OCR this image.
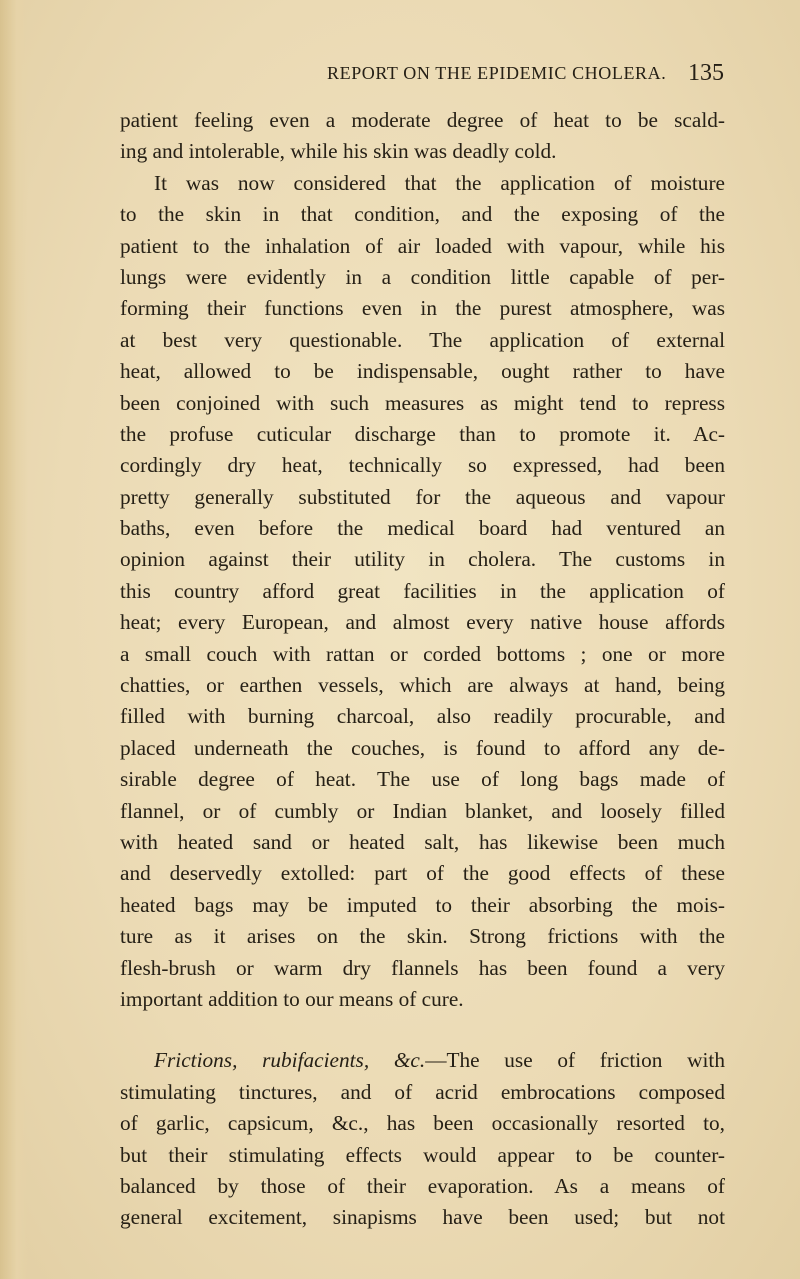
REPORT ON THE EPIDEMIC CHOLERA. 135
patient feeling even a moderate degree of heat to be scald-
ing and intolerable, while his skin was deadly cold.
It was now considered that the application of moisture
to the skin in that condition, and the exposing of the
patient to the inhalation of air loaded with vapour, while his
lungs were evidently in a condition little capable of per-
forming their functions even in the purest atmosphere, was
at best very questionable. The application of external
heat, allowed to be indispensable, ought rather to have
been conjoined with such measures as might tend to repress
the profuse cuticular discharge than to promote it. Ac-
cordingly dry heat, technically so expressed, had been
pretty generally substituted for the aqueous and vapour
baths, even before the medical board had ventured an
opinion against their utility in cholera. The customs in
this country afford great facilities in the application of
heat; every European, and almost every native house affords
a small couch with rattan or corded bottoms ; one or more
chatties, or earthen vessels, which are always at hand, being
filled with burning charcoal, also readily procurable, and
placed underneath the couches, is found to afford any de-
sirable degree of heat. The use of long bags made of
flannel, or of cumbly or Indian blanket, and loosely filled
with heated sand or heated salt, has likewise been much
and deservedly extolled: part of the good effects of these
heated bags may be imputed to their absorbing the mois-
ture as it arises on the skin. Strong frictions with the
flesh-brush or warm dry flannels has been found a very
important addition to our means of cure.
Frictions, rubifacients, &c.—The use of friction with
stimulating tinctures, and of acrid embrocations composed
of garlic, capsicum, &c., has been occasionally resorted to,
but their stimulating effects would appear to be counter-
balanced by those of their evaporation. As a means of
general excitement, sinapisms have been used; but not
